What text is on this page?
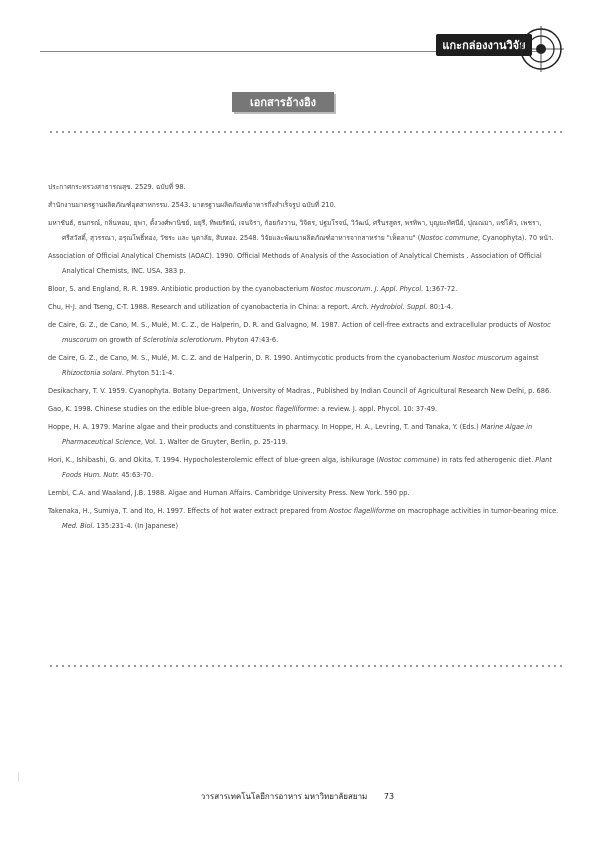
แกะกล่องงานวิจัย
เอกสารอ้างอิง

ประกาศกระทรวงสาธารณสุข. 2529. ฉบับที่ 98.

สำนักงานมาตรฐานผลิตภัณฑ์อุตสาหกรรม. 2543. มาตรฐานผลิตภัณฑ์อาหารกึ่งสำเร็จรูป ฉบับที่ 210.

มหาชันธ์, ธนภรณ์, กลิ่นหอม, ยุพา, ตั้งวงศ์พานิชย์, มยุรี, ทิพยรัตน์, เจนจิรา, ก้อยกังวาน, วิจิตร, ปฐมโรจน์, วิวัฒน์, ศรีนรสูตร, พรทิพา, บุญยะทัศนีย์, ปุณณมา, แซ่โค้ว, เพชรา, ศรีสวัสดิ์, สุวรรณา, อรุณโพธิ์ทอง, วัชระ และ นุตาลัย, สิบทอง. 2548. วิจัยและพัฒนาผลิตภัณฑ์อาหารจากสาหร่าย "เห็ดลาบ" (Nostoc commune, Cyanophyta). 70 หน้า.

Association of Official Analytical Chemists (AOAC). 1990. Official Methods of Analysis of the Association of Analytical Chemists . Association of Official Analytical Chemists, INC. USA. 383 p.

Bloor, S. and England, R. R. 1989. Antibiotic production by the cyanobacterium Nostoc muscorum. J. Appl. Phycol. 1:367-72.

Chu, H-J. and Tseng, C-T. 1988. Research and utilization of cyanobacteria in China: a report. Arch. Hydrobiol. Suppl. 80:1-4.

de Caire, G. Z., de Cano, M. S., Mulé, M. C. Z., de Halperin, D. R. and Galvagno, M. 1987. Action of cell-free extracts and extracellular products of Nostoc muscorum on growth of Sclerotinia sclerotiorum. Phyton 47:43-6.

de Caire, G. Z., de Cano, M. S., Mulé, M. C. Z. and de Halperin, D. R. 1990. Antimycotic products from the cyanobacterium Nostoc muscorum against Rhizoctonia solani. Phyton 51:1-4.

Desikachary, T. V. 1959. Cyanophyta. Botany Department, University of Madras., Published by Indian Council of Agricultural Research New Delhi, p. 686.

Gao, K. 1998. Chinese studies on the edible blue-green alga, Nostoc flagelliforme: a review. J. appl. Phycol. 10: 37-49.

Hoppe, H. A. 1979. Marine algae and their products and constituents in pharmacy. In Hoppe, H. A., Levring, T. and Tanaka, Y. (Eds.) Marine Algae in Pharmaceutical Science, Vol. 1. Walter de Gruyter, Berlin, p. 25-119.

Hori, K., Ishibashi, G. and Okita, T. 1994. Hypocholesterolemic effect of blue-green alga, ishikurage (Nostoc commune) in rats fed atherogenic diet. Plant Foods Hum. Nutr. 45:63-70.

Lembi, C.A. and Waaland, J.B. 1988. Algae and Human Affairs. Cambridge University Press. New York. 590 pp.

Takenaka, H., Sumiya, T. and Ito, H. 1997. Effects of hot water extract prepared from Nostoc flagelliforme on macrophage activities in tumor-bearing mice. Med. Biol. 135:231-4. (In Japanese)

วารสารเทคโนโลยีการอาหาร มหาวิทยาลัยสยาม 73
